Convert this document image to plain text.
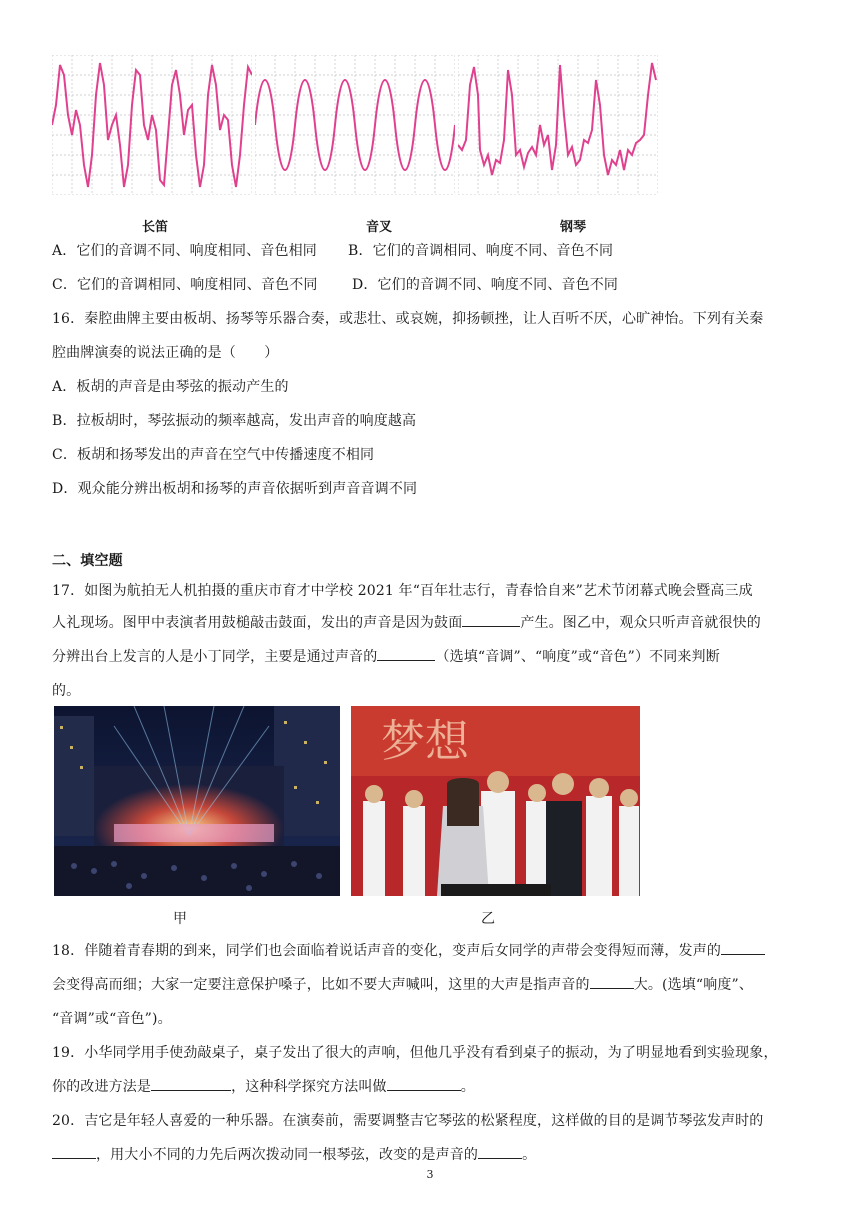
长笛	音叉	钢琴
A．它们的音调不同、响度相同、音色相同 B．它们的音调相同、响度不同、音色不同
C．它们的音调相同、响度相同、音色不同 D．它们的音调不同、响度不同、音色不同
16．秦腔曲牌主要由板胡、扬琴等乐器合奏，或悲壮、或哀婉，抑扬顿挫，让人百听不厌，心旷神怡。下列有关秦
腔曲牌演奏的说法正确的是（　　）
A．板胡的声音是由琴弦的振动产生的
B．拉板胡时，琴弦振动的频率越高，发出声音的响度越高
C．板胡和扬琴发出的声音在空气中传播速度不相同
D．观众能分辨出板胡和扬琴的声音依据听到声音音调不同
二、填空题
17．如图为航拍无人机拍摄的重庆市育才中学校 2021 年“百年壮志行，青春恰自来”艺术节闭幕式晚会暨高三成
人礼现场。图甲中表演者用鼓槌敲击鼓面，发出的声音是因为鼓面	产生。图乙中，观众只听声音就很快的
分辨出台上发言的人是小丁同学，主要是通过声音的	（选填“音调”、“响度”或“音色”）不同来判断
的。
梦想
甲	乙
18．伴随着青春期的到来，同学们也会面临着说话声音的变化，变声后女同学的声带会变得短而薄，发声的
会变得高而细；大家一定要注意保护嗓子，比如不要大声喊叫，这里的大声是指声音的	大。(选填“响度”、
“音调”或“音色”)。
19．小华同学用手使劲敲桌子，桌子发出了很大的声响，但他几乎没有看到桌子的振动，为了明显地看到实验现象，
你的改进方法是	，这种科学探究方法叫做	。
20．吉它是年轻人喜爱的一种乐器。在演奏前，需要调整吉它琴弦的松紧程度，这样做的目的是调节琴弦发声时的
，用大小不同的力先后两次拨动同一根琴弦，改变的是声音的	。
3
